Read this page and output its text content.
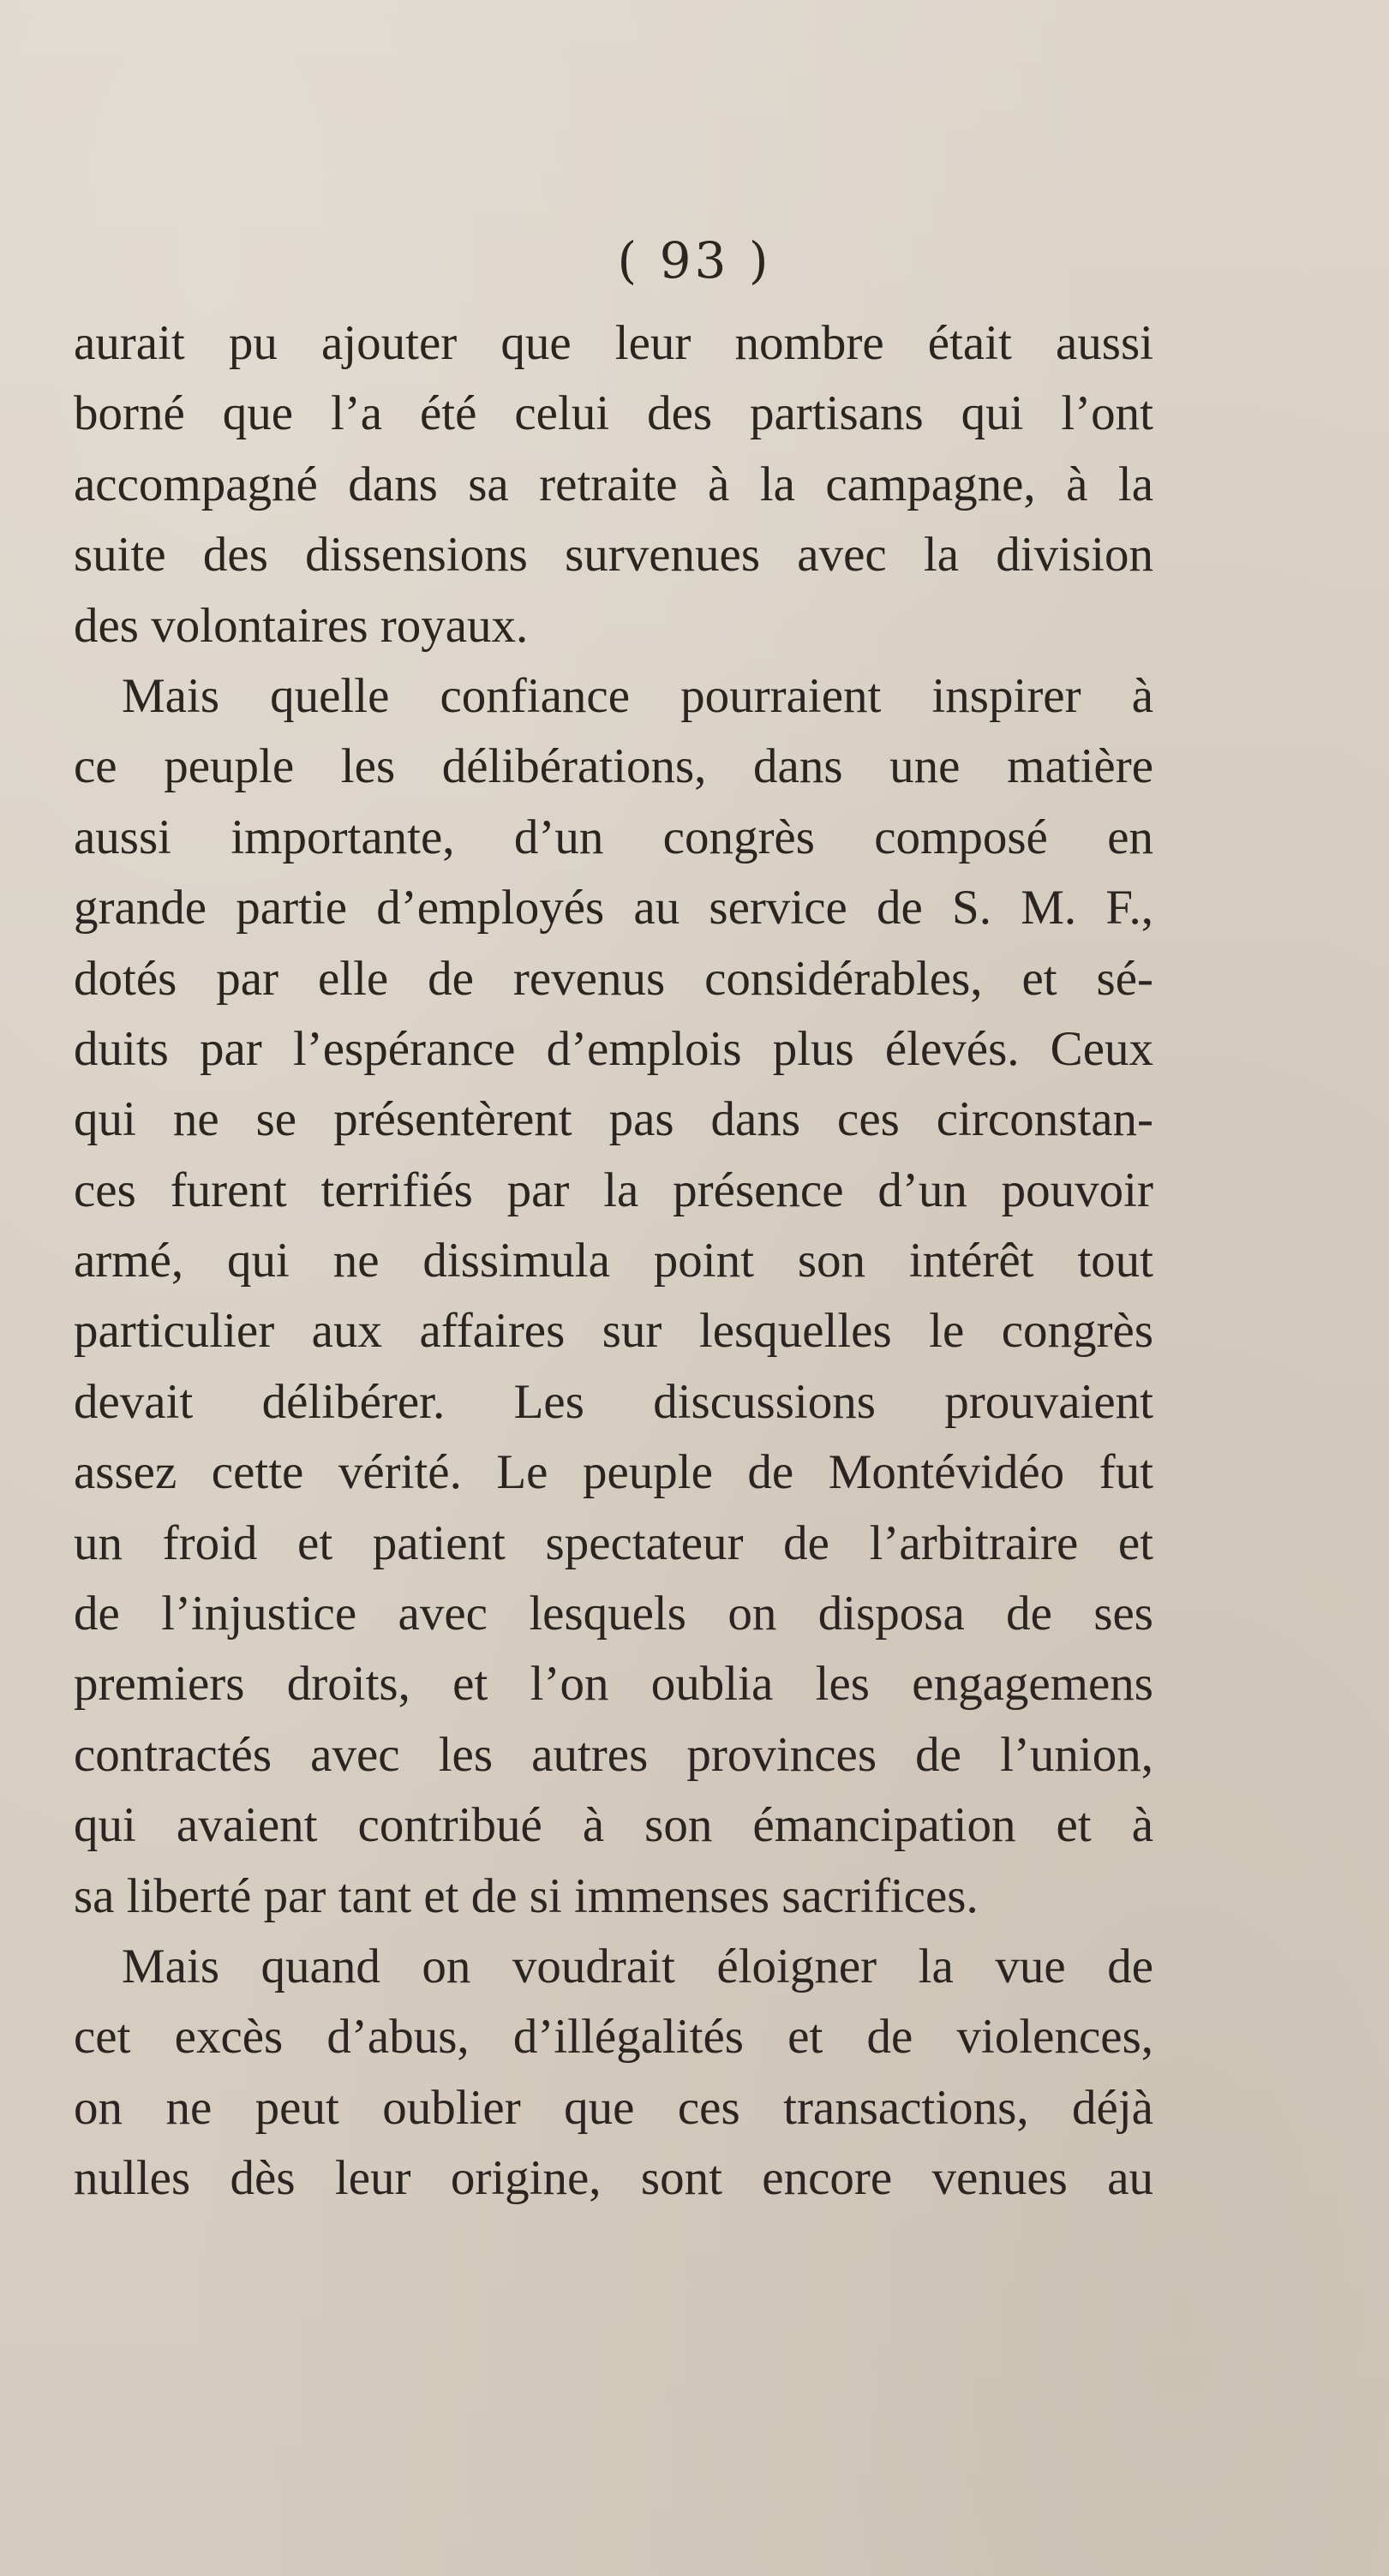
( 93 )
aurait pu ajouter que leur nombre était aussi
borné que l’a été celui des partisans qui l’ont
accompagné dans sa retraite à la campagne, à la
suite des dissensions survenues avec la division
des volontaires royaux.
Mais quelle confiance pourraient inspirer à
ce peuple les délibérations, dans une matière
aussi importante, d’un congrès composé en
grande partie d’employés au service de S. M. F.,
dotés par elle de revenus considérables, et sé-
duits par l’espérance d’emplois plus élevés. Ceux
qui ne se présentèrent pas dans ces circonstan-
ces furent terrifiés par la présence d’un pouvoir
armé, qui ne dissimula point son intérêt tout
particulier aux affaires sur lesquelles le congrès
devait délibérer. Les discussions prouvaient
assez cette vérité. Le peuple de Montévidéo fut
un froid et patient spectateur de l’arbitraire et
de l’injustice avec lesquels on disposa de ses
premiers droits, et l’on oublia les engagemens
contractés avec les autres provinces de l’union,
qui avaient contribué à son émancipation et à
sa liberté par tant et de si immenses sacrifices.
Mais quand on voudrait éloigner la vue de
cet excès d’abus, d’illégalités et de violences,
on ne peut oublier que ces transactions, déjà
nulles dès leur origine, sont encore venues au
